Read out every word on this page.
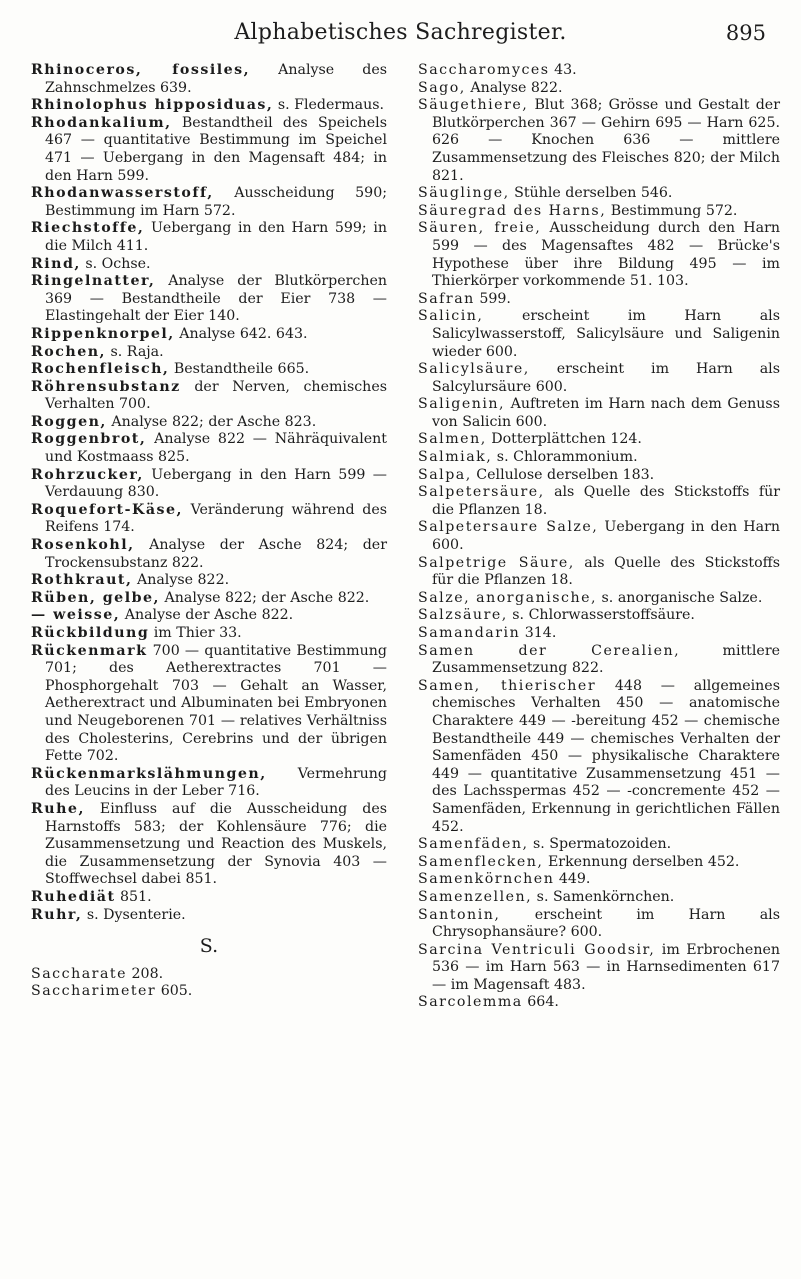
Alphabetisches Sachregister.	895
Rhinoceros, fossiles, Analyse des Zahnschmelzes 639.
Rhinolophus hipposiduas, s. Fledermaus.
Rhodankalium, Bestandtheil des Speichels 467 — quantitative Bestimmung im Speichel 471 — Uebergang in den Magensaft 484; in den Harn 599.
Rhodanwasserstoff, Ausscheidung 590; Bestimmung im Harn 572.
Riechstoffe, Uebergang in den Harn 599; in die Milch 411.
Rind, s. Ochse.
Ringelnatter, Analyse der Blutkörperchen 369 — Bestandtheile der Eier 738 — Elastingehalt der Eier 140.
Rippenknorpel, Analyse 642. 643.
Rochen, s. Raja.
Rochenfleisch, Bestandtheile 665.
Röhrensubstanz der Nerven, chemisches Verhalten 700.
Roggen, Analyse 822; der Asche 823.
Roggenbrot, Analyse 822 — Nähräquivalent und Kostmaass 825.
Rohrzucker, Uebergang in den Harn 599 — Verdauung 830.
Roquefort-Käse, Veränderung während des Reifens 174.
Rosenkohl, Analyse der Asche 824; der Trockensubstanz 822.
Rothkraut, Analyse 822.
Rüben, gelbe, Analyse 822; der Asche 822.
— weisse, Analyse der Asche 822.
Rückbildung im Thier 33.
Rückenmark 700 — quantitative Bestimmung 701; des Aetherextractes 701 — Phosphorgehalt 703 — Gehalt an Wasser, Aetherextract und Albuminaten bei Embryonen und Neugeborenen 701 — relatives Verhältniss des Cholesterins, Cerebrins und der übrigen Fette 702.
Rückenmarkslähmungen, Vermehrung des Leucins in der Leber 716.
Ruhe, Einfluss auf die Ausscheidung des Harnstoffs 583; der Kohlensäure 776; die Zusammensetzung und Reaction des Muskels, die Zusammensetzung der Synovia 403 — Stoffwechsel dabei 851.
Ruhediät 851.
Ruhr, s. Dysenterie.
S.
Saccharate 208.
Saccharimeter 605.
Saccharomyces 43.
Sago, Analyse 822.
Säugethiere, Blut 368; Grösse und Gestalt der Blutkörperchen 367 — Gehirn 695 — Harn 625. 626 — Knochen 636 — mittlere Zusammensetzung des Fleisches 820; der Milch 821.
Säuglinge, Stühle derselben 546.
Säuregrad des Harns, Bestimmung 572.
Säuren, freie, Ausscheidung durch den Harn 599 — des Magensaftes 482 — Brücke's Hypothese über ihre Bildung 495 — im Thierkörper vorkommende 51. 103.
Safran 599.
Salicin, erscheint im Harn als Salicylwasserstoff, Salicylsäure und Saligenin wieder 600.
Salicylsäure, erscheint im Harn als Salcylursäure 600.
Saligenin, Auftreten im Harn nach dem Genuss von Salicin 600.
Salmen, Dotterplättchen 124.
Salmiak, s. Chlorammonium.
Salpa, Cellulose derselben 183.
Salpetersäure, als Quelle des Stickstoffs für die Pflanzen 18.
Salpetersaure Salze, Uebergang in den Harn 600.
Salpetrige Säure, als Quelle des Stickstoffs für die Pflanzen 18.
Salze, anorganische, s. anorganische Salze.
Salzsäure, s. Chlorwasserstoffsäure.
Samandarin 314.
Samen der Cerealien, mittlere Zusammensetzung 822.
Samen, thierischer 448 — allgemeines chemisches Verhalten 450 — anatomische Charaktere 449 — -bereitung 452 — chemische Bestandtheile 449 — chemisches Verhalten der Samenfäden 450 — physikalische Charaktere 449 — quantitative Zusammensetzung 451 — des Lachsspermas 452 — -concremente 452 — Samenfäden, Erkennung in gerichtlichen Fällen 452.
Samenfäden, s. Spermatozoiden.
Samenflecken, Erkennung derselben 452.
Samenkörnchen 449.
Samenzellen, s. Samenkörnchen.
Santonin, erscheint im Harn als Chrysophansäure? 600.
Sarcina Ventriculi Goodsir, im Erbrochenen 536 — im Harn 563 — in Harnsedimenten 617 — im Magensaft 483.
Sarcolemma 664.
